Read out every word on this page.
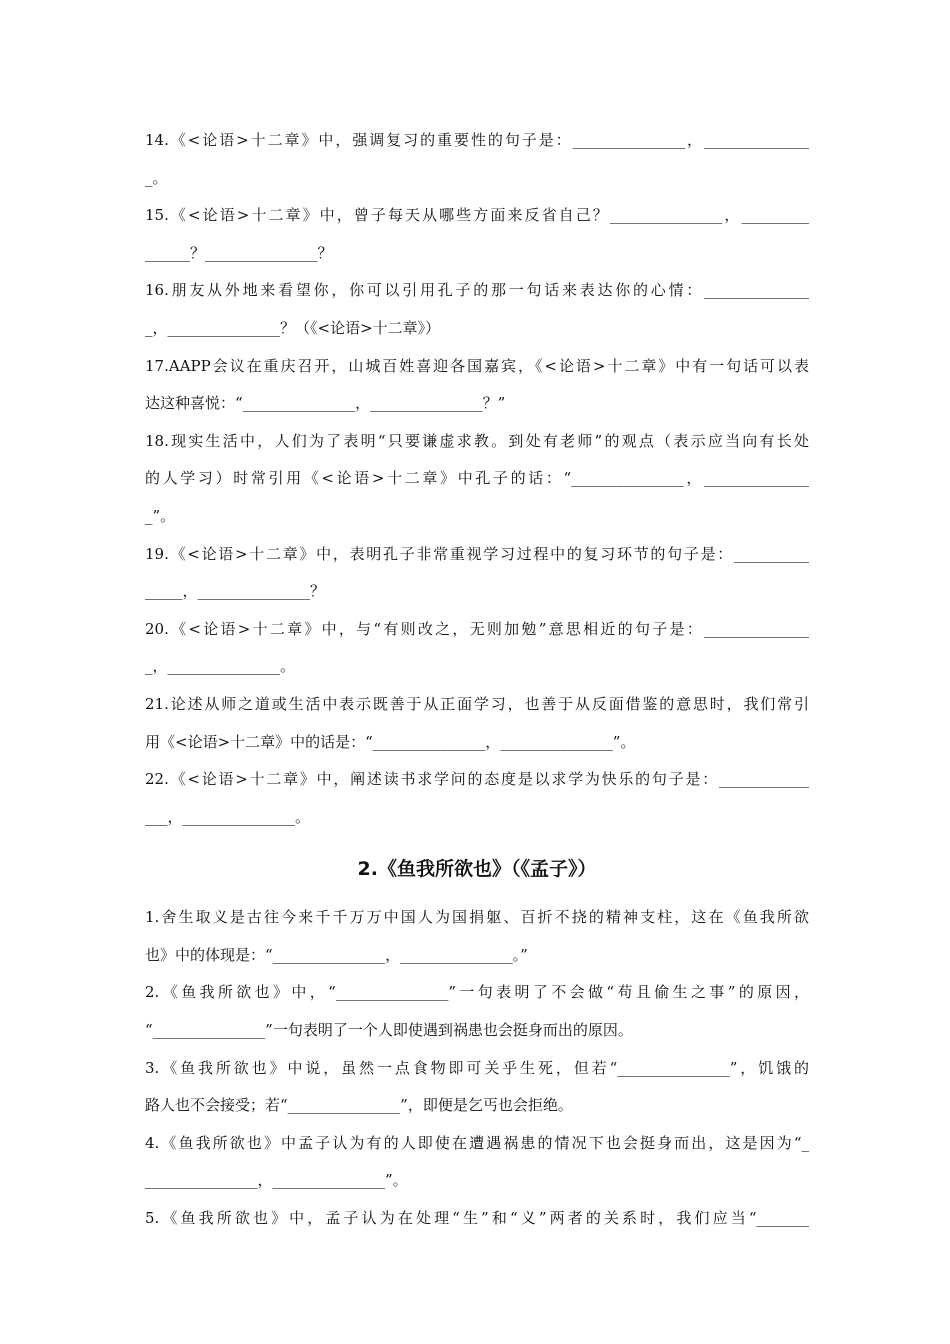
14.《<论语>十二章》中，强调复习的重要性的句子是：_______________，______________
_。
15.《<论语>十二章》中，曾子每天从哪些方面来反省自己？_______________，_________
______？_______________？
16.朋友从外地来看望你，你可以引用孔子的那一句话来表达你的心情：______________
_，_______________？（《<论语>十二章》）
17.AAPP会议在重庆召开，山城百姓喜迎各国嘉宾，《<论语>十二章》中有一句话可以表
达这种喜悦：“_______________，_______________？”
18.现实生活中，人们为了表明“只要谦虚求教。到处有老师”的观点（表示应当向有长处
的人学习）时常引用《<论语>十二章》中孔子的话：“_______________，______________
_”。
19.《<论语>十二章》中，表明孔子非常重视学习过程中的复习环节的句子是：__________
_____，_______________？
20.《<论语>十二章》中，与“有则改之，无则加勉”意思相近的句子是：______________
_，_______________。
21.论述从师之道或生活中表示既善于从正面学习，也善于从反面借鉴的意思时，我们常引
用《<论语>十二章》中的话是：“_______________，_______________”。
22.《<论语>十二章》中，阐述读书求学问的态度是以求学为快乐的句子是：____________
___，_______________。
2.《鱼我所欲也》（《孟子》）
1.舍生取义是古往今来千千万万中国人为国捐躯、百折不挠的精神支柱，这在《鱼我所欲
也》中的体现是：“_______________，_______________。”
2.《鱼我所欲也》中，“_______________”一句表明了不会做“苟且偷生之事”的原因，
“_______________”一句表明了一个人即使遇到祸患也会挺身而出的原因。
3.《鱼我所欲也》中说，虽然一点食物即可关乎生死，但若“_______________”，饥饿的
路人也不会接受；若“_______________”，即便是乞丐也会拒绝。
4.《鱼我所欲也》中孟子认为有的人即使在遭遇祸患的情况下也会挺身而出，这是因为“_
_______________，_______________”。
5.《鱼我所欲也》中，孟子认为在处理“生”和“义”两者的关系时，我们应当“_______
